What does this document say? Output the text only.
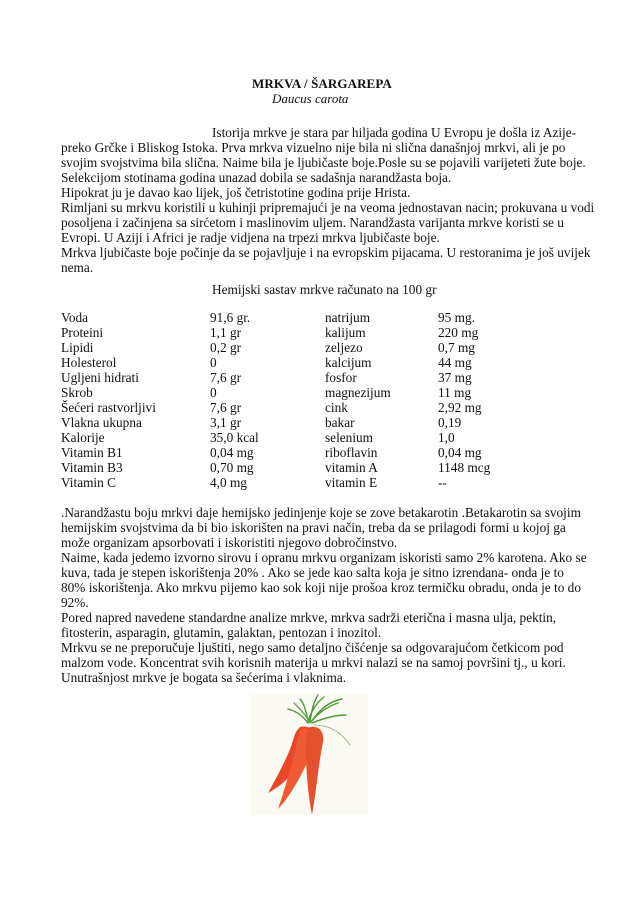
MRKVA / ŠARGAREPA
Daucus carota
Istorija mrkve je stara par hiljada godina U Evropu je došla iz Azije-
preko Grčke i Bliskog Istoka. Prva mrkva vizuelno nije bila ni slična današnjoj mrkvi, ali je po
svojim svojstvima bila slična. Naime bila je ljubičaste boje.Posle su se pojavili varijeteti žute boje.
Selekcijom stotinama godina unazad dobila se sadašnja narandžasta boja.
Hipokrat ju je davao kao lijek, još četristotine godina prije Hrista.
Rimljani su mrkvu koristili u kuhinji pripremajući je na veoma jednostavan nacin; prokuvana u vodi
posoljena i začinjena sa sirćetom i maslinovim uljem. Narandžasta varijanta mrkve koristi se u
Evropi. U Aziji i Africi je radje vidjena na trpezi mrkva ljubičaste boje.
Mrkva ljubičaste boje počinje da se pojavljuje i na evropskim pijacama. U restoranima je još uvijek
nema.
Hemijski sastav mrkve računato na 100 gr
Voda	91,6 gr.	natrijum	95 mg.
Proteini	1,1 gr	kalijum	220 mg
Lipidi	0,2 gr	zeljezo	0,7 mg
Holesterol	0	kalcijum	44 mg
Ugljeni hidrati	7,6 gr	fosfor	37 mg
Skrob	0	magnezijum	11 mg
Šećeri rastvorljivi	7,6 gr	cink	2,92 mg
Vlakna ukupna	3,1 gr	bakar	0,19
Kalorije	35,0 kcal	selenium	1,0
Vitamin B1	0,04 mg	riboflavin	0,04 mg
Vitamin B3	0,70 mg	vitamin A	1148 mcg
Vitamin C	4,0 mg	vitamin E	--
.Narandžastu boju mrkvi daje hemijsko jedinjenje koje se zove betakarotin .Betakarotin sa svojim
hemijskim svojstvima da bi bio iskorišten na pravi način, treba da se prilagodi formi u kojoj ga
može organizam apsorbovati i iskoristiti njegovo dobročinstvo.
Naime, kada jedemo izvorno sirovu i opranu mrkvu organizam iskoristi samo 2% karotena. Ako se
kuva, tada je stepen iskorištenja 20% . Ako se jede kao salta koja je sitno izrendana- onda je to
80% iskorištenja. Ako mrkvu pijemo kao sok koji nije prošoa kroz termičku obradu, onda je to do
92%.
Pored napred navedene standardne analize mrkve, mrkva sadrži eterična i masna ulja, pektin,
fitosterin, asparagin, glutamin, galaktan, pentozan i inozitol.
Mrkvu se ne preporučuje ljuštiti, nego samo detaljno čišćenje sa odgovarajućom četkicom pod
malzom vode. Koncentrat svih korisnih materija u mrkvi nalazi se na samoj površini tj., u kori.
Unutrašnjost mrkve je bogata sa šećerima i vlaknima.
